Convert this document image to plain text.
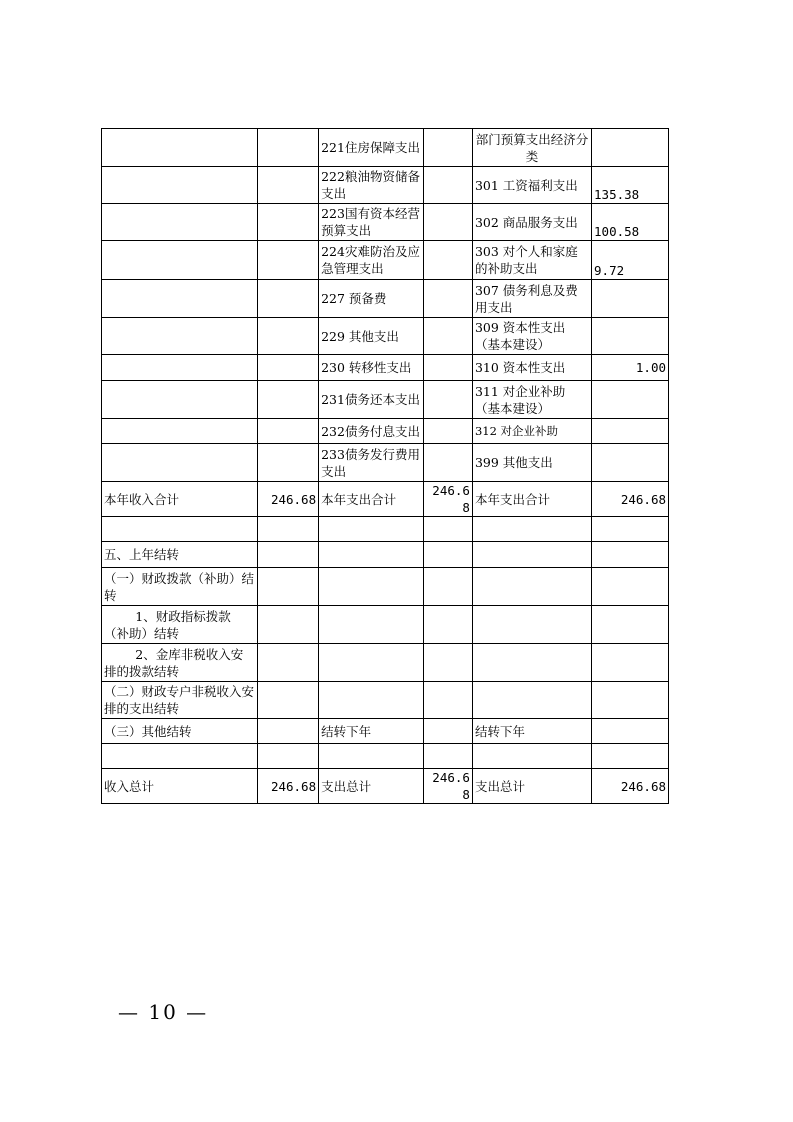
		221住房保障支出		部门预算支出经济分类	
		222粮油物资储备支出		301 工资福利支出	135.38
		223国有资本经营预算支出		302 商品服务支出	100.58
		224灾难防治及应急管理支出		303 对个人和家庭的补助支出	9.72
		227 预备费		307 债务利息及费用支出	
		229 其他支出		309 资本性支出（基本建设）	
		230 转移性支出		310 资本性支出	1.00
		231债务还本支出		311 对企业补助（基本建设）	
		232债务付息支出		312 对企业补助	
		233债务发行费用支出		399 其他支出	
本年收入合计	246.68	本年支出合计	246.68	本年支出合计	246.68

五、上年结转					
（一）财政拨款（补助）结转					
1、财政指标拨款（补助）结转					
2、金库非税收入安排的拨款结转					
（二）财政专户非税收入安排的支出结转					
（三）其他结转		结转下年		结转下年	

收入总计	246.68	支出总计	246.68	支出总计	246.68
— 10 —
